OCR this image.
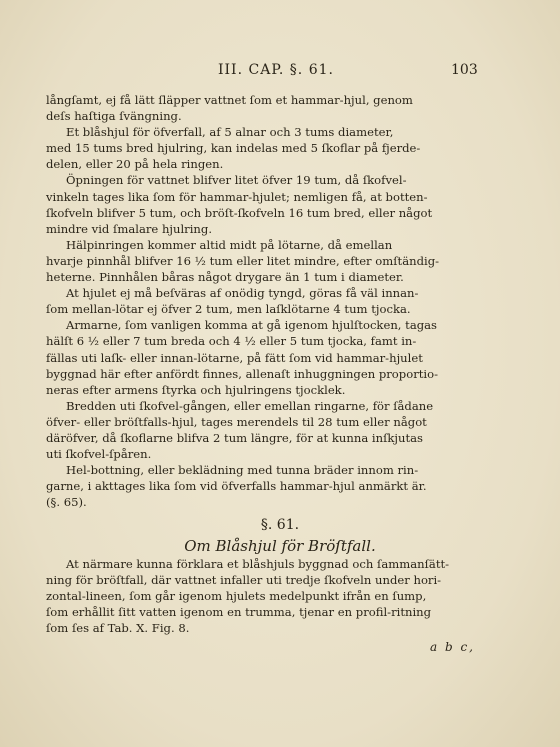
III. CAP. §. 61.	103
långſamt, ej få lätt ſläpper vattnet ſom et hammar-hjul, genom
deſs haſtiga ſvängning.
Et blåshjul för öfverfall, af 5 alnar och 3 tums diameter,
med 15 tums bred hjulring, kan indelas med 5 ſkoflar på fjerde-
delen, eller 20 på hela ringen.
Öpningen för vattnet blifver litet öfver 19 tum, då ſkofvel-
vinkeln tages lika ſom för hammar-hjulet; nemligen få, at botten-
ſkofveln blifver 5 tum, och bröſt-ſkofveln 16 tum bred, eller något
mindre vid ſmalare hjulring.
Hälpinringen kommer altid midt på lötarne, då emellan
hvarje pinnhål blifver 16 ½ tum eller litet mindre, efter omſtändig-
heterne. Pinnhålen båras något drygare än 1 tum i diameter.
At hjulet ej må beſväras af onödig tyngd, göras få väl innan-
ſom mellan-lötar ej öfver 2 tum, men laſklötarne 4 tum tjocka.
Armarne, ſom vanligen komma at gå igenom hjulſtocken, tagas
hälſt 6 ½ eller 7 tum breda och 4 ½ eller 5 tum tjocka, famt in-
fällas uti laſk- eller innan-lötarne, på fätt ſom vid hammar-hjulet
byggnad här efter anfördt finnes, allenaſt inhuggningen proportio-
neras efter armens ſtyrka och hjulringens tjocklek.
Bredden uti ſkofvel-gången, eller emellan ringarne, för ſådane
öfver- eller bröſtfalls-hjul, tages merendels til 28 tum eller något
däröfver, då ſkoflarne blifva 2 tum längre, för at kunna inſkjutas
uti ſkofvel-ſpåren.
Hel-bottning, eller beklädning med tunna bräder innom rin-
garne, i akttages lika ſom vid öfverfalls hammar-hjul anmärkt är.
(§. 65).
§. 61.
Om Blåshjul för Bröſtfall.
At närmare kunna förklara et blåshjuls byggnad och ſammanſätt-
ning för bröſtfall, där vattnet infaller uti tredje ſkofveln under hori-
zontal-lineen, ſom går igenom hjulets medelpunkt ifrån en ſump,
ſom erhållit ſitt vatten igenom en trumma, tjenar en profil-ritning
ſom ſes af Tab. X. Fig. 8.
a b c,
